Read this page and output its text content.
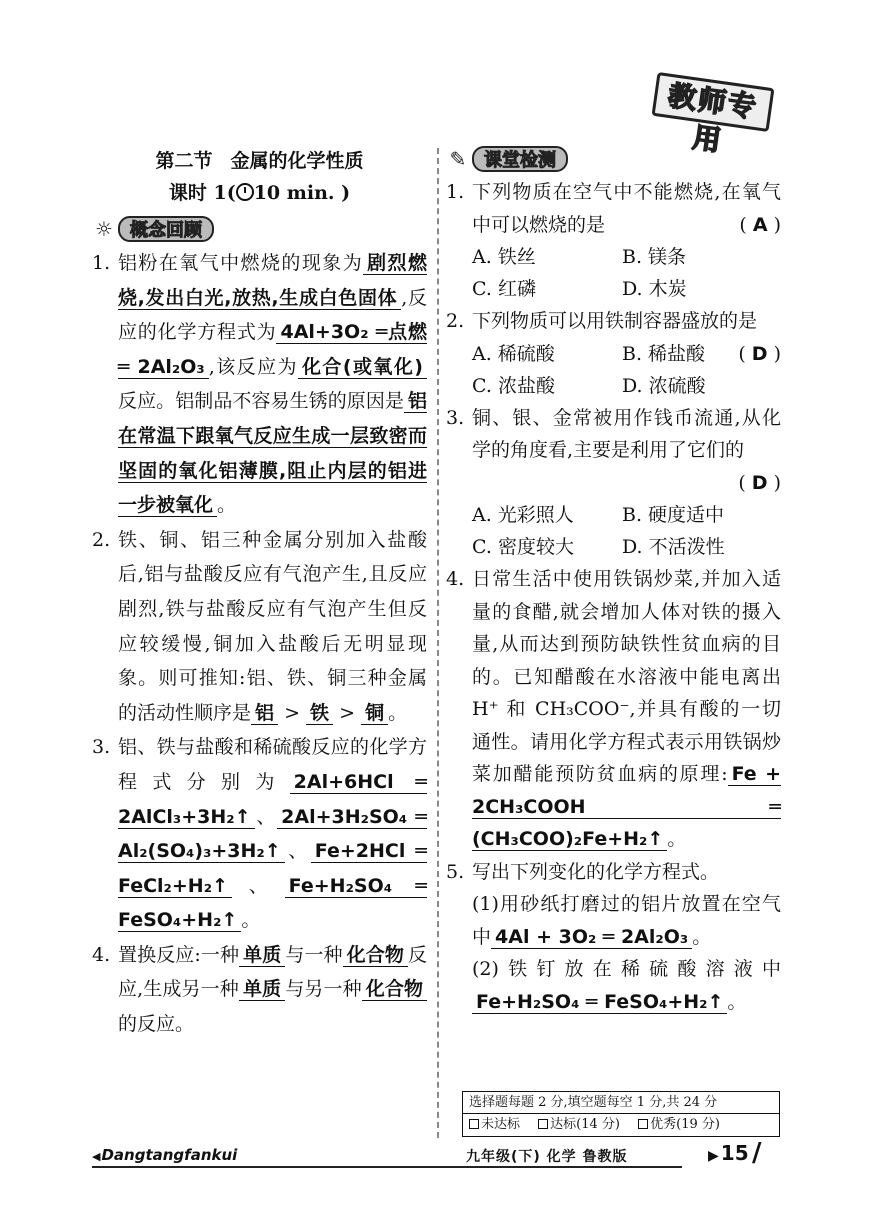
教师专用
第二节 金属的化学性质
课时 1( 10 min. )
☼ 概念回顾
1. 铝粉在氧气中燃烧的现象为 剧烈燃烧,发出白光,放热,生成白色固体 ,反应的化学方程式为 4Al+3O₂ ═点燃═ 2Al₂O₃ ,该反应为 化合(或氧化)反应。铝制品不容易生锈的原因是 铝在常温下跟氧气反应生成一层致密而坚固的氧化铝薄膜,阻止内层的铝进一步被氧化 。
2. 铁、铜、铝三种金属分别加入盐酸后,铝与盐酸反应有气泡产生,且反应剧烈,铁与盐酸反应有气泡产生但反应较缓慢,铜加入盐酸后无明显现象。则可推知:铝、铁、铜三种金属的活动性顺序是 铝 > 铁 > 铜 。
3. 铝、铁与盐酸和稀硫酸反应的化学方程式分别为 2Al+6HCl ═ 2AlCl₃+3H₂↑ 、 2Al+3H₂SO₄ ═ Al₂(SO₄)₃+3H₂↑ 、 Fe+2HCl ═ FeCl₂+H₂↑ 、 Fe+H₂SO₄ ═ FeSO₄+H₂↑ 。
4. 置换反应:一种 单质 与一种 化合物 反应,生成另一种 单质 与另一种 化合物的反应。
✎ 课堂检测
1. 下列物质在空气中不能燃烧,在氧气中可以燃烧的是	( A )
A. 铁丝	B. 镁条
C. 红磷	D. 木炭
2. 下列物质可以用铁制容器盛放的是
( D )
A. 稀硫酸	B. 稀盐酸
C. 浓盐酸	D. 浓硫酸
3. 铜、银、金常被用作钱币流通,从化学的角度看,主要是利用了它们的
( D )
A. 光彩照人	B. 硬度适中
C. 密度较大	D. 不活泼性
4. 日常生活中使用铁锅炒菜,并加入适量的食醋,就会增加人体对铁的摄入量,从而达到预防缺铁性贫血病的目的。已知醋酸在水溶液中能电离出 H⁺ 和 CH₃COO⁻,并具有酸的一切通性。请用化学方程式表示用铁锅炒菜加醋能预防贫血病的原理: Fe + 2CH₃COOH ═ (CH₃COO)₂Fe+H₂↑ 。
5. 写出下列变化的化学方程式。
(1)用砂纸打磨过的铝片放置在空气中 4Al + 3O₂ ═ 2Al₂O₃ 。
(2)铁钉放在稀硫酸溶液中Fe+H₂SO₄ ═ FeSO₄+H₂↑ 。
选择题每题 2 分,填空题每空 1 分,共 24 分
未达标 达标(14 分) 优秀(19 分)
◀ Dangtangfankui	九年级(下) 化学 鲁教版
▶	15 /
